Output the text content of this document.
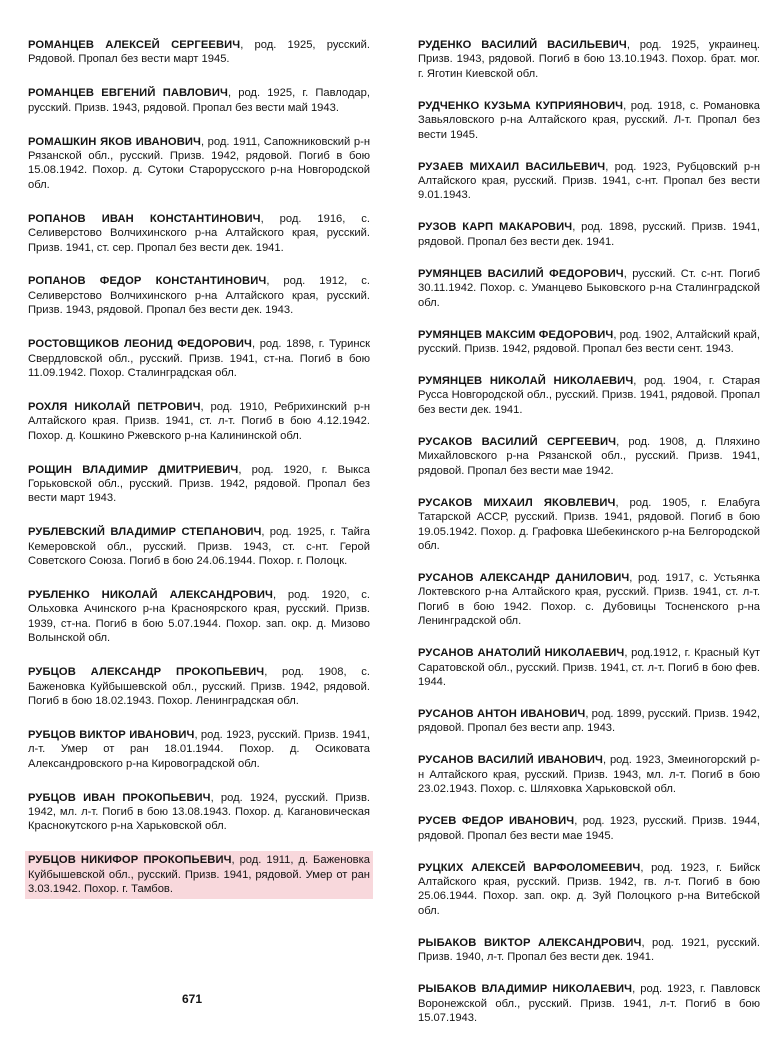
РОМАНЦЕВ АЛЕКСЕЙ СЕРГЕЕВИЧ, род. 1925, русский. Рядовой. Пропал без вести март 1945.

РОМАНЦЕВ ЕВГЕНИЙ ПАВЛОВИЧ, род. 1925, г. Павлодар, русский. Призв. 1943, рядовой. Пропал без вести май 1943.

РОМАШКИН ЯКОВ ИВАНОВИЧ, род. 1911, Сапожниковский р-н Рязанской обл., русский. Призв. 1942, рядовой. Погиб в бою 15.08.1942. Похор. д. Сутоки Старорусского р-на Новгородской обл.

РОПАНОВ ИВАН КОНСТАНТИНОВИЧ, род. 1916, с. Селиверстово Волчихинского р-на Алтайского края, русский. Призв. 1941, ст. сер. Пропал без вести дек. 1941.

РОПАНОВ ФЕДОР КОНСТАНТИНОВИЧ, род. 1912, с. Селиверстово Волчихинского р-на Алтайского края, русский. Призв. 1943, рядовой. Пропал без вести дек. 1943.

РОСТОВЩИКОВ ЛЕОНИД ФЕДОРОВИЧ, род. 1898, г. Туринск Свердловской обл., русский. Призв. 1941, ст-на. Погиб в бою 11.09.1942. Похор. Сталинградская обл.

РОХЛЯ НИКОЛАЙ ПЕТРОВИЧ, род. 1910, Ребрихинский р-н Алтайского края. Призв. 1941, ст. л-т. Погиб в бою 4.12.1942. Похор. д. Кошкино Ржевского р-на Калининской обл.

РОЩИН ВЛАДИМИР ДМИТРИЕВИЧ, род. 1920, г. Выкса Горьковской обл., русский. Призв. 1942, рядовой. Пропал без вести март 1943.

РУБЛЕВСКИЙ ВЛАДИМИР СТЕПАНОВИЧ, род. 1925, г. Тайга Кемеровской обл., русский. Призв. 1943, ст. с-нт. Герой Советского Союза. Погиб в бою 24.06.1944. Похор. г. Полоцк.

РУБЛЕНКО НИКОЛАЙ АЛЕКСАНДРОВИЧ, род. 1920, с. Ольховка Ачинского р-на Красноярского края, русский. Призв. 1939, ст-на. Погиб в бою 5.07.1944. Похор. зап. окр. д. Мизово Волынской обл.

РУБЦОВ АЛЕКСАНДР ПРОКОПЬЕВИЧ, род. 1908, с. Баженовка Куйбышевской обл., русский. Призв. 1942, рядовой. Погиб в бою 18.02.1943. Похор. Ленинградская обл.

РУБЦОВ ВИКТОР ИВАНОВИЧ, род. 1923, русский. Призв. 1941, л-т. Умер от ран 18.01.1944. Похор. д. Осиковата Александровского р-на Кировоградской обл.

РУБЦОВ ИВАН ПРОКОПЬЕВИЧ, род. 1924, русский. Призв. 1942, мл. л-т. Погиб в бою 13.08.1943. Похор. д. Кагановическая Краснокутского р-на Харьковской обл.

РУБЦОВ НИКИФОР ПРОКОПЬЕВИЧ, род. 1911, д. Баженовка Куйбышевской обл., русский. Призв. 1941, рядовой. Умер от ран 3.03.1942. Похор. г. Тамбов.

РУДЕНКО ВАСИЛИЙ ВАСИЛЬЕВИЧ, род. 1925, украинец. Призв. 1943, рядовой. Погиб в бою 13.10.1943. Похор. брат. мог. г. Яготин Киевской обл.

РУДЧЕНКО КУЗЬМА КУПРИЯНОВИЧ, род. 1918, с. Романовка Завьяловского р-на Алтайского края, русский. Л-т. Пропал без вести 1945.

РУЗАЕВ МИХАИЛ ВАСИЛЬЕВИЧ, род. 1923, Рубцовский р-н Алтайского края, русский. Призв. 1941, с-нт. Пропал без вести 9.01.1943.

РУЗОВ КАРП МАКАРОВИЧ, род. 1898, русский. Призв. 1941, рядовой. Пропал без вести дек. 1941.

РУМЯНЦЕВ ВАСИЛИЙ ФЕДОРОВИЧ, русский. Ст. с-нт. Погиб 30.11.1942. Похор. с. Уманцево Быковского р-на Сталинградской обл.

РУМЯНЦЕВ МАКСИМ ФЕДОРОВИЧ, род. 1902, Алтайский край, русский. Призв. 1942, рядовой. Пропал без вести сент. 1943.

РУМЯНЦЕВ НИКОЛАЙ НИКОЛАЕВИЧ, род. 1904, г. Старая Русса Новгородской обл., русский. Призв. 1941, рядовой. Пропал без вести дек. 1941.

РУСАКОВ ВАСИЛИЙ СЕРГЕЕВИЧ, род. 1908, д. Пляхино Михайловского р-на Рязанской обл., русский. Призв. 1941, рядовой. Пропал без вести мае 1942.

РУСАКОВ МИХАИЛ ЯКОВЛЕВИЧ, род. 1905, г. Елабуга Татарской АССР, русский. Призв. 1941, рядовой. Погиб в бою 19.05.1942. Похор. д. Графовка Шебекинского р-на Белгородской обл.

РУСАНОВ АЛЕКСАНДР ДАНИЛОВИЧ, род. 1917, с. Устьянка Локтевского р-на Алтайского края, русский. Призв. 1941, ст. л-т. Погиб в бою 1942. Похор. с. Дубовицы Тосненского р-на Ленинградской обл.

РУСАНОВ АНАТОЛИЙ НИКОЛАЕВИЧ, род.1912, г. Красный Кут Саратовской обл., русский. Призв. 1941, ст. л-т. Погиб в бою фев. 1944.

РУСАНОВ АНТОН ИВАНОВИЧ, род. 1899, русский. Призв. 1942, рядовой. Пропал без вести апр. 1943.

РУСАНОВ ВАСИЛИЙ ИВАНОВИЧ, род. 1923, Змеиногорский р-н Алтайского края, русский. Призв. 1943, мл. л-т. Погиб в бою 23.02.1943. Похор. с. Шляховка Харьковской обл.

РУСЕВ ФЕДОР ИВАНОВИЧ, род. 1923, русский. Призв. 1944, рядовой. Пропал без вести мае 1945.

РУЦКИХ АЛЕКСЕЙ ВАРФОЛОМЕЕВИЧ, род. 1923, г. Бийск Алтайского края, русский. Призв. 1942, гв. л-т. Погиб в бою 25.06.1944. Похор. зап. окр. д. Зуй Полоцкого р-на Витебской обл.

РЫБАКОВ ВИКТОР АЛЕКСАНДРОВИЧ, род. 1921, русский. Призв. 1940, л-т. Пропал без вести дек. 1941.

РЫБАКОВ ВЛАДИМИР НИКОЛАЕВИЧ, род. 1923, г. Павловск Воронежской обл., русский. Призв. 1941, л-т. Погиб в бою 15.07.1943.

671
